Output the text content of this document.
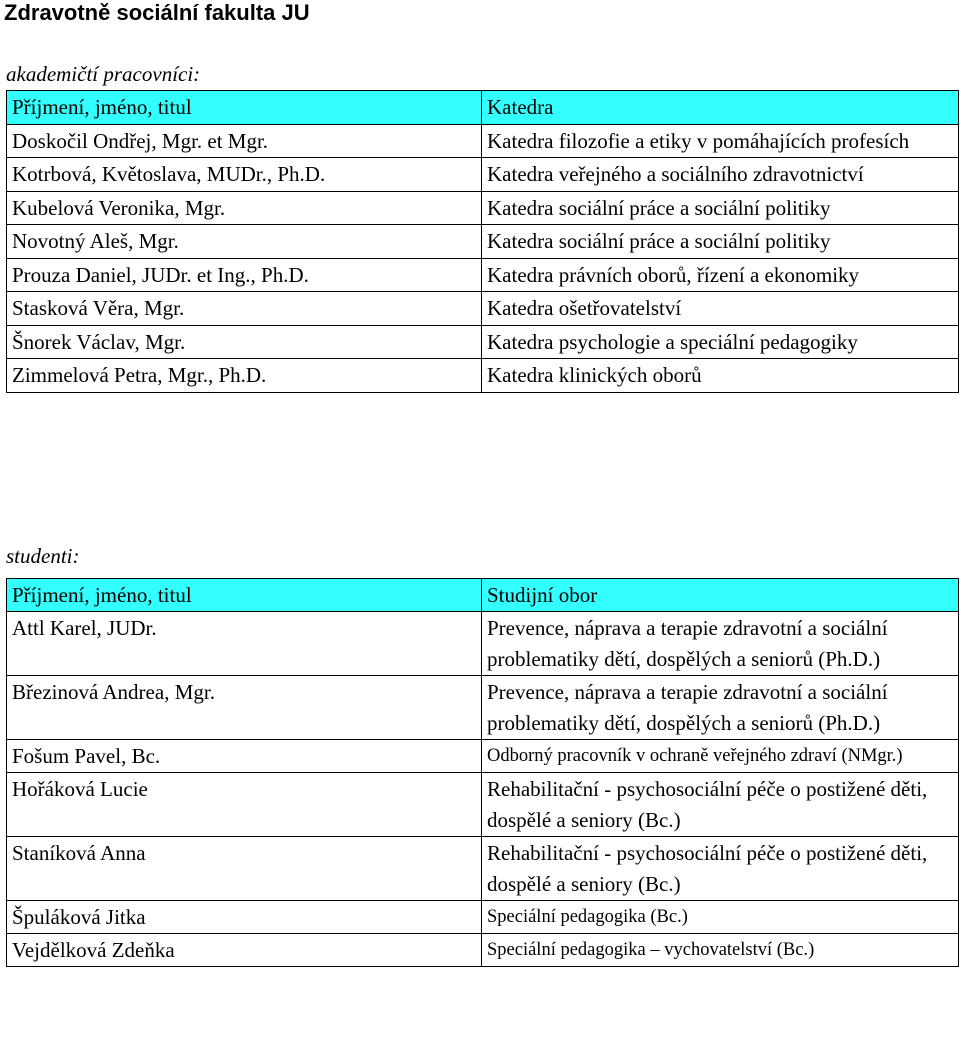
Zdravotně sociální fakulta JU
akademičtí pracovníci:
Příjmení, jméno, titul	Katedra
Doskočil Ondřej, Mgr. et Mgr.	Katedra filozofie a etiky v pomáhajících profesích
Kotrbová, Květoslava, MUDr., Ph.D.	Katedra veřejného a sociálního zdravotnictví
Kubelová Veronika, Mgr.	Katedra sociální práce a sociální politiky
Novotný Aleš, Mgr.	Katedra sociální práce a sociální politiky
Prouza Daniel, JUDr. et Ing., Ph.D.	Katedra právních oborů, řízení a ekonomiky
Stasková Věra, Mgr.	Katedra ošetřovatelství
Šnorek Václav, Mgr.	Katedra psychologie a speciální pedagogiky
Zimmelová Petra, Mgr., Ph.D.	Katedra klinických oborů
studenti:
Příjmení, jméno, titul	Studijní obor
Attl Karel, JUDr.	Prevence, náprava a terapie zdravotní a sociální problematiky dětí, dospělých a seniorů (Ph.D.)
Březinová Andrea, Mgr.	Prevence, náprava a terapie zdravotní a sociální problematiky dětí, dospělých a seniorů (Ph.D.)
Fošum Pavel, Bc.	Odborný pracovník v ochraně veřejného zdraví (NMgr.)
Hořáková Lucie	Rehabilitační - psychosociální péče o postižené děti, dospělé a seniory (Bc.)
Staníková Anna	Rehabilitační - psychosociální péče o postižené děti, dospělé a seniory (Bc.)
Špuláková Jitka	Speciální pedagogika (Bc.)
Vejdělková Zdeňka	Speciální pedagogika – vychovatelství (Bc.)
